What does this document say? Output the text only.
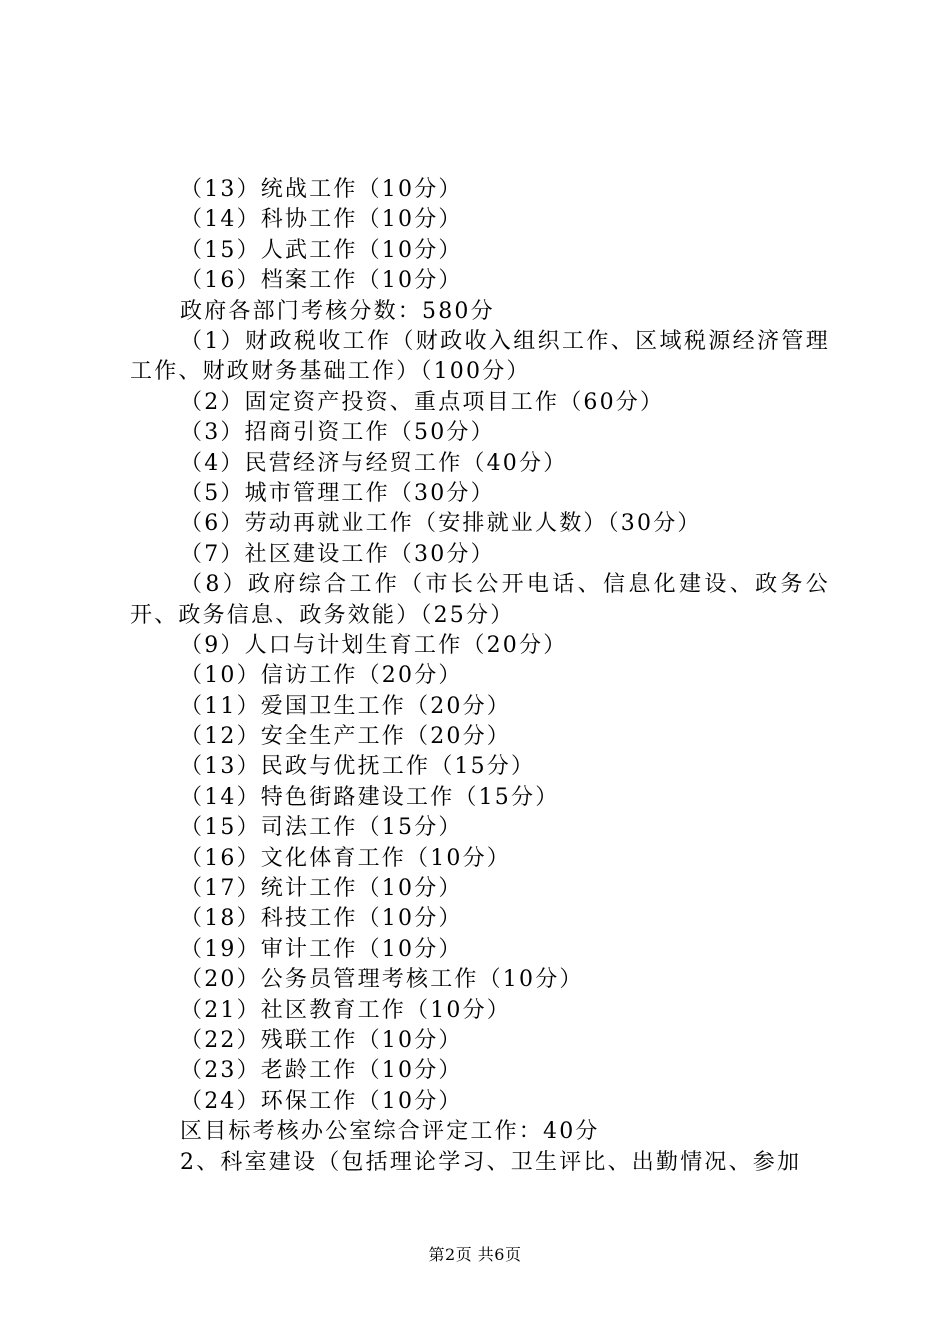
（13）统战工作（10分）
（14）科协工作（10分）
（15）人武工作（10分）
（16）档案工作（10分）
政府各部门考核分数：580分
（1）财政税收工作（财政收入组织工作、区域税源经济管理工作、财政财务基础工作）（100分）
（2）固定资产投资、重点项目工作（60分）
（3）招商引资工作（50分）
（4）民营经济与经贸工作（40分）
（5）城市管理工作（30分）
（6）劳动再就业工作（安排就业人数）（30分）
（7）社区建设工作（30分）
（8）政府综合工作（市长公开电话、信息化建设、政务公开、政务信息、政务效能）（25分）
（9）人口与计划生育工作（20分）
（10）信访工作（20分）
（11）爱国卫生工作（20分）
（12）安全生产工作（20分）
（13）民政与优抚工作（15分）
（14）特色街路建设工作（15分）
（15）司法工作（15分）
（16）文化体育工作（10分）
（17）统计工作（10分）
（18）科技工作（10分）
（19）审计工作（10分）
（20）公务员管理考核工作（10分）
（21）社区教育工作（10分）
（22）残联工作（10分）
（23）老龄工作（10分）
（24）环保工作（10分）
区目标考核办公室综合评定工作：40分
2、科室建设（包括理论学习、卫生评比、出勤情况、参加
第2页 共6页
